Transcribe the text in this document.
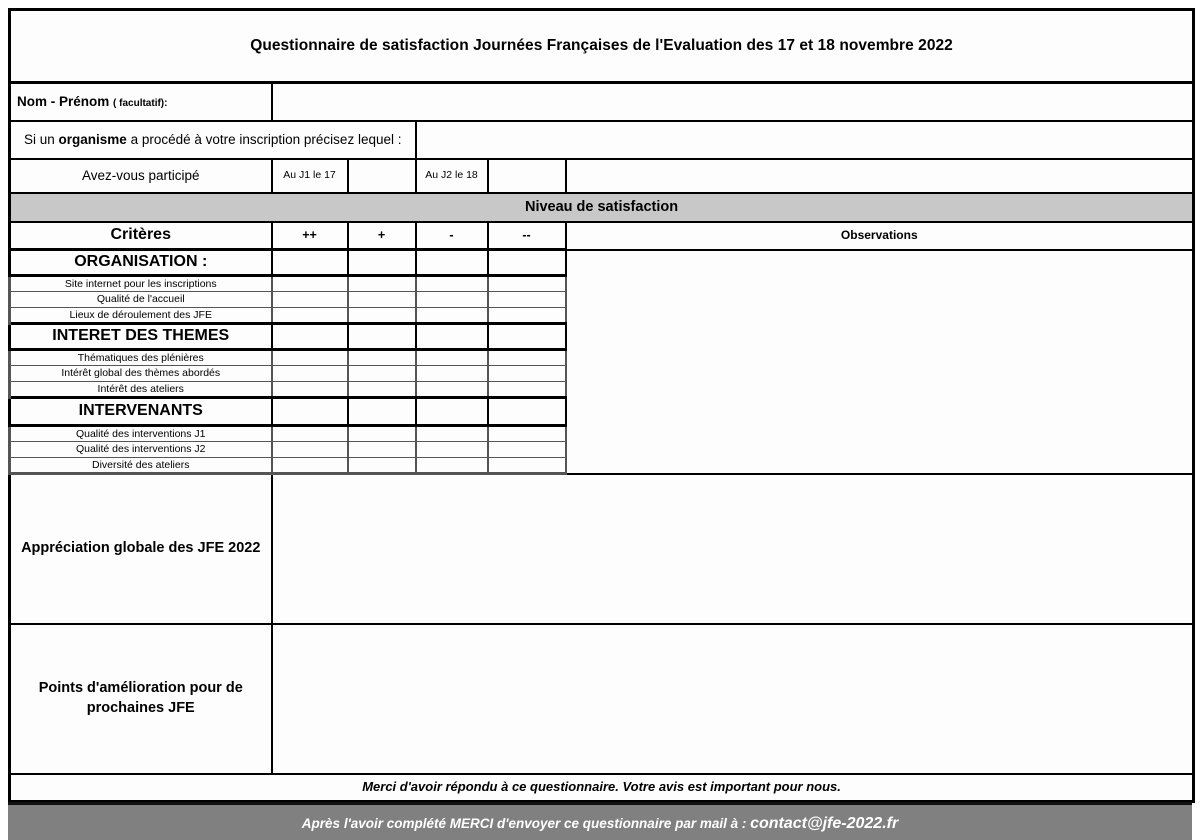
Questionnaire de satisfaction Journées Françaises de l'Evaluation des 17 et 18 novembre 2022					

Nom - Prénom ( facultatif):					

Si un organisme a procédé à votre inscription précisez lequel :					

Avez-vous participé	Au J1 le 17		Au J2 le 18		

Niveau de satisfaction					

Critères	++	+	-	--	Observations

ORGANISATION :					

Site internet pour les inscriptions					

Qualité de l'accueil					

Lieux de déroulement des JFE					

INTERET DES THEMES					

Thématiques des plénières					

Intérêt global des thèmes abordés					

Intérêt des ateliers					

INTERVENANTS					

Qualité des interventions J1					

Qualité des interventions J2					

Diversité des ateliers					

Appréciation globale des JFE 2022					

Points d'amélioration pour de prochaines JFE					

Merci d'avoir répondu à ce questionnaire. Votre avis est important pour nous.					
Après l'avoir complété MERCI d'envoyer ce questionnaire par mail à : contact@jfe-2022.fr
